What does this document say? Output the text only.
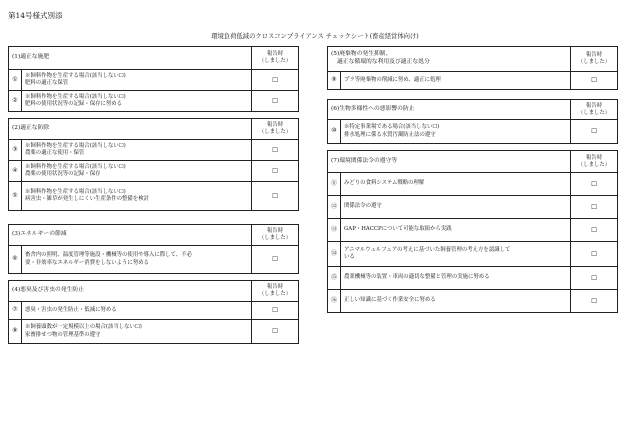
第14号様式別添
環境負荷低減のクロスコンプライアンス チェックシート(畜産経営体向け)
(1)適正な施肥		報告時
（しました）
①	※飼料作物を生産する場合(該当しない☐)
肥料の適正な保管	☐
②	※飼料作物を生産する場合(該当しない☐)
肥料の使用状況等の記録・保存に努める	☐
(2)適正な防除		報告時
（しました）
③	※飼料作物を生産する場合(該当しない☐)
農薬の適正な使用・保管	☐
④	※飼料作物を生産する場合(該当しない☐)
農薬の使用状況等の記録・保存	☐
⑤	※飼料作物を生産する場合(該当しない☐)
病害虫・雑草が発生しにくい生産条件の整備を検討	☐
(3)エネルギーの節減		報告時
（しました）
⑥	畜舎内の照明、温度管理等施設・機械等の使用や導入に際して、不必
要・非効率なエネルギー消費をしないように努める	☐
(4)悪臭及び害虫の発生防止		報告時
（しました）
⑦	悪臭・害虫の発生防止・低減に努める	☐
⑧	※飼養頭数が一定規模以上の場合(該当しない☐)
家畜排せつ物の管理基準の遵守	☐
(5)廃棄物の発生抑制、
適正な循環的な利用及び適正な処分		報告時
（しました）
⑨	プラ等廃棄物の削減に努め、適正に処理	☐
(6)生物多様性への悪影響の防止		報告時
（しました）
⑩	※特定事業場である場合(該当しない☐)
排水処理に係る水質汚濁防止法の遵守	☐
(7)環境関係法令の遵守等		報告時
（しました）
⑪	みどりの食料システム戦略の理解	☐
⑫	関係法令の遵守	☐
⑬	GAP・HACCPについて可能な取組から実践	☐
⑭	アニマルウェルフェアの考えに基づいた飼養管理の考え方を認識して
いる	☐
⑮	農業機械等の装置・車両の適切な整備と管理の実施に努める	☐
⑯	正しい知識に基づく作業安全に努める	☐
